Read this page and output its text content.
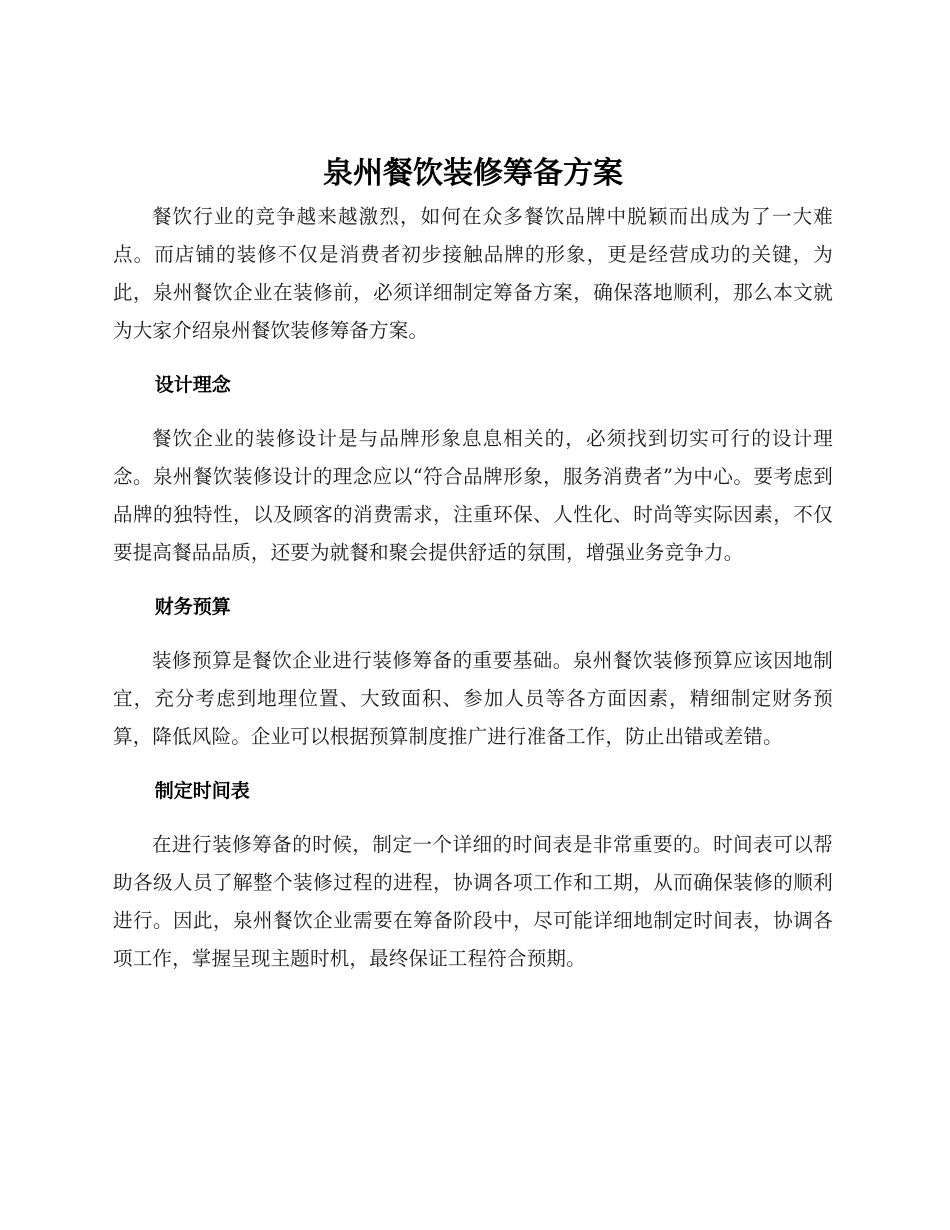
泉州餐饮装修筹备方案

餐饮行业的竞争越来越激烈，如何在众多餐饮品牌中脱颖而出成为了一大难点。而店铺的装修不仅是消费者初步接触品牌的形象，更是经营成功的关键，为此，泉州餐饮企业在装修前，必须详细制定筹备方案，确保落地顺利，那么本文就为大家介绍泉州餐饮装修筹备方案。

设计理念

餐饮企业的装修设计是与品牌形象息息相关的，必须找到切实可行的设计理念。泉州餐饮装修设计的理念应以“符合品牌形象，服务消费者”为中心。要考虑到品牌的独特性，以及顾客的消费需求，注重环保、人性化、时尚等实际因素，不仅要提高餐品品质，还要为就餐和聚会提供舒适的氛围，增强业务竞争力。

财务预算

装修预算是餐饮企业进行装修筹备的重要基础。泉州餐饮装修预算应该因地制宜，充分考虑到地理位置、大致面积、参加人员等各方面因素，精细制定财务预算，降低风险。企业可以根据预算制度推广进行准备工作，防止出错或差错。

制定时间表

在进行装修筹备的时候，制定一个详细的时间表是非常重要的。时间表可以帮助各级人员了解整个装修过程的进程，协调各项工作和工期，从而确保装修的顺利进行。因此，泉州餐饮企业需要在筹备阶段中，尽可能详细地制定时间表，协调各项工作，掌握呈现主题时机，最终保证工程符合预期。
